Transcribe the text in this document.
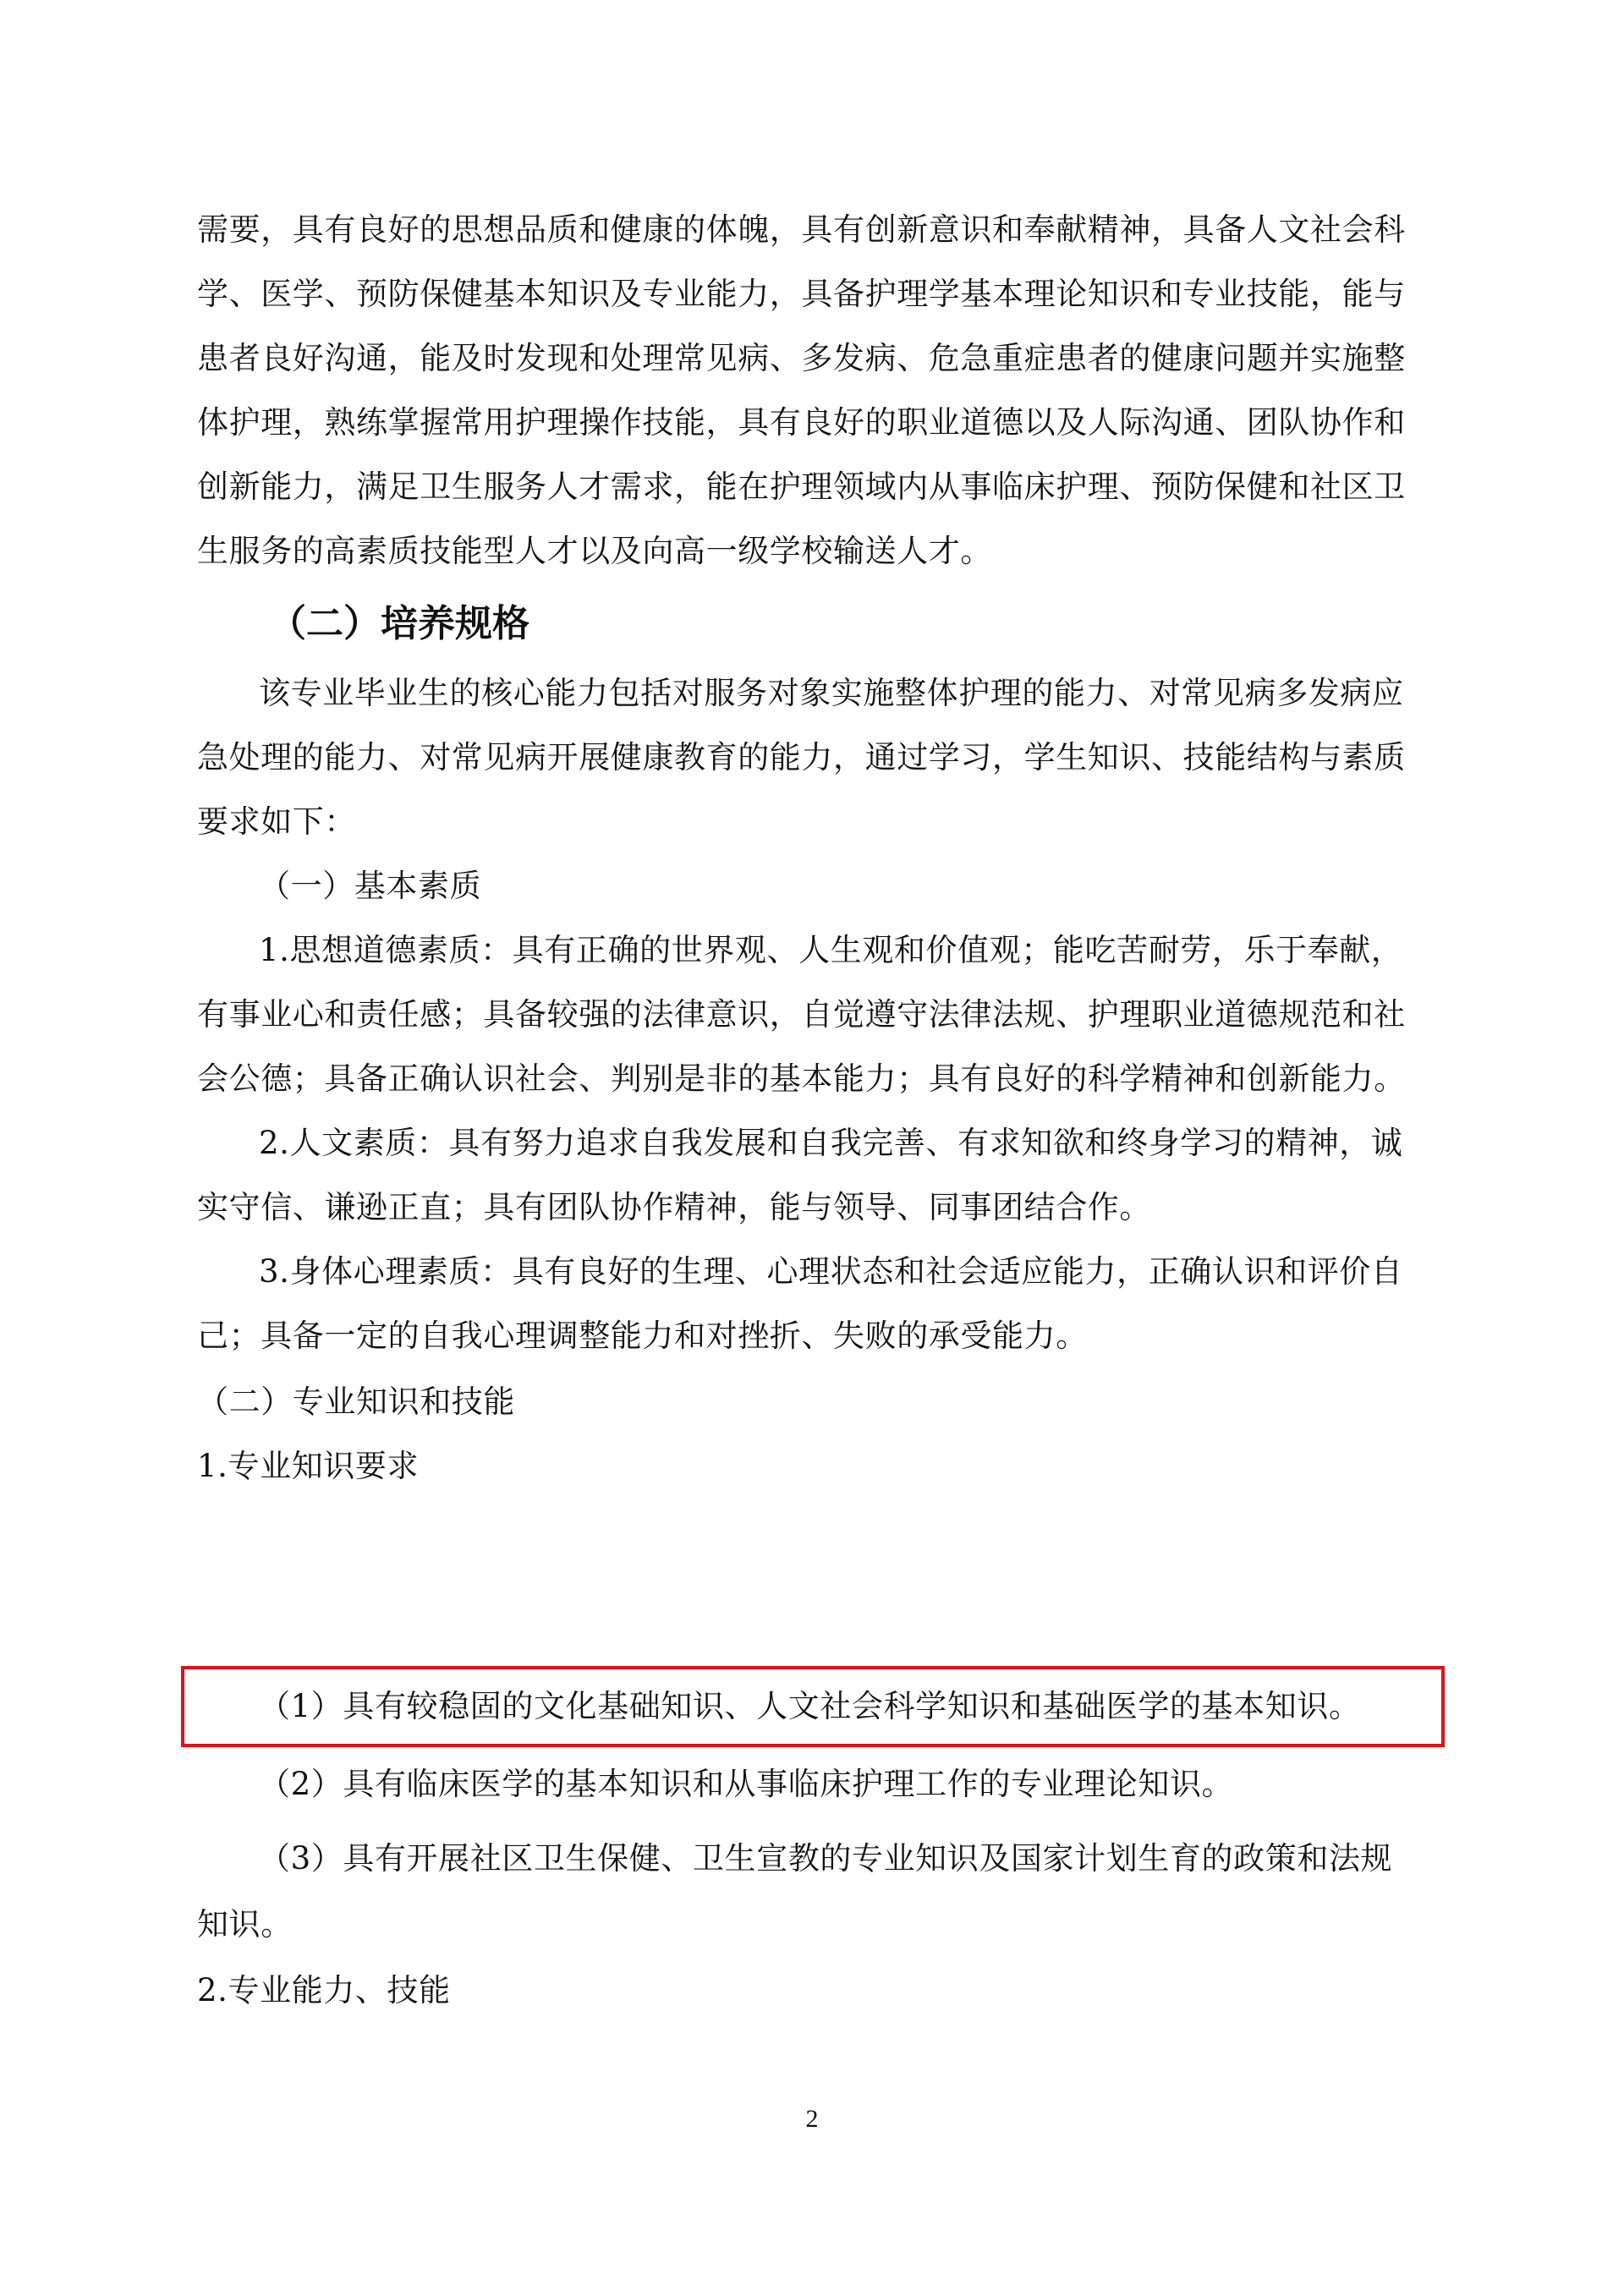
需要，具有良好的思想品质和健康的体魄，具有创新意识和奉献精神，具备人文社会科
学、医学、预防保健基本知识及专业能力，具备护理学基本理论知识和专业技能，能与
患者良好沟通，能及时发现和处理常见病、多发病、危急重症患者的健康问题并实施整
体护理，熟练掌握常用护理操作技能，具有良好的职业道德以及人际沟通、团队协作和
创新能力，满足卫生服务人才需求，能在护理领域内从事临床护理、预防保健和社区卫
生服务的高素质技能型人才以及向高一级学校输送人才。
（二）培养规格
该专业毕业生的核心能力包括对服务对象实施整体护理的能力、对常见病多发病应
急处理的能力、对常见病开展健康教育的能力，通过学习，学生知识、技能结构与素质
要求如下：
（一）基本素质
1.思想道德素质：具有正确的世界观、人生观和价值观；能吃苦耐劳，乐于奉献，
有事业心和责任感；具备较强的法律意识，自觉遵守法律法规、护理职业道德规范和社
会公德；具备正确认识社会、判别是非的基本能力；具有良好的科学精神和创新能力。
2.人文素质：具有努力追求自我发展和自我完善、有求知欲和终身学习的精神，诚
实守信、谦逊正直；具有团队协作精神，能与领导、同事团结合作。
3.身体心理素质：具有良好的生理、心理状态和社会适应能力，正确认识和评价自
己；具备一定的自我心理调整能力和对挫折、失败的承受能力。
（二）专业知识和技能
1.专业知识要求
（1）具有较稳固的文化基础知识、人文社会科学知识和基础医学的基本知识。
（2）具有临床医学的基本知识和从事临床护理工作的专业理论知识。
（3）具有开展社区卫生保健、卫生宣教的专业知识及国家计划生育的政策和法规
知识。
2.专业能力、技能
2
